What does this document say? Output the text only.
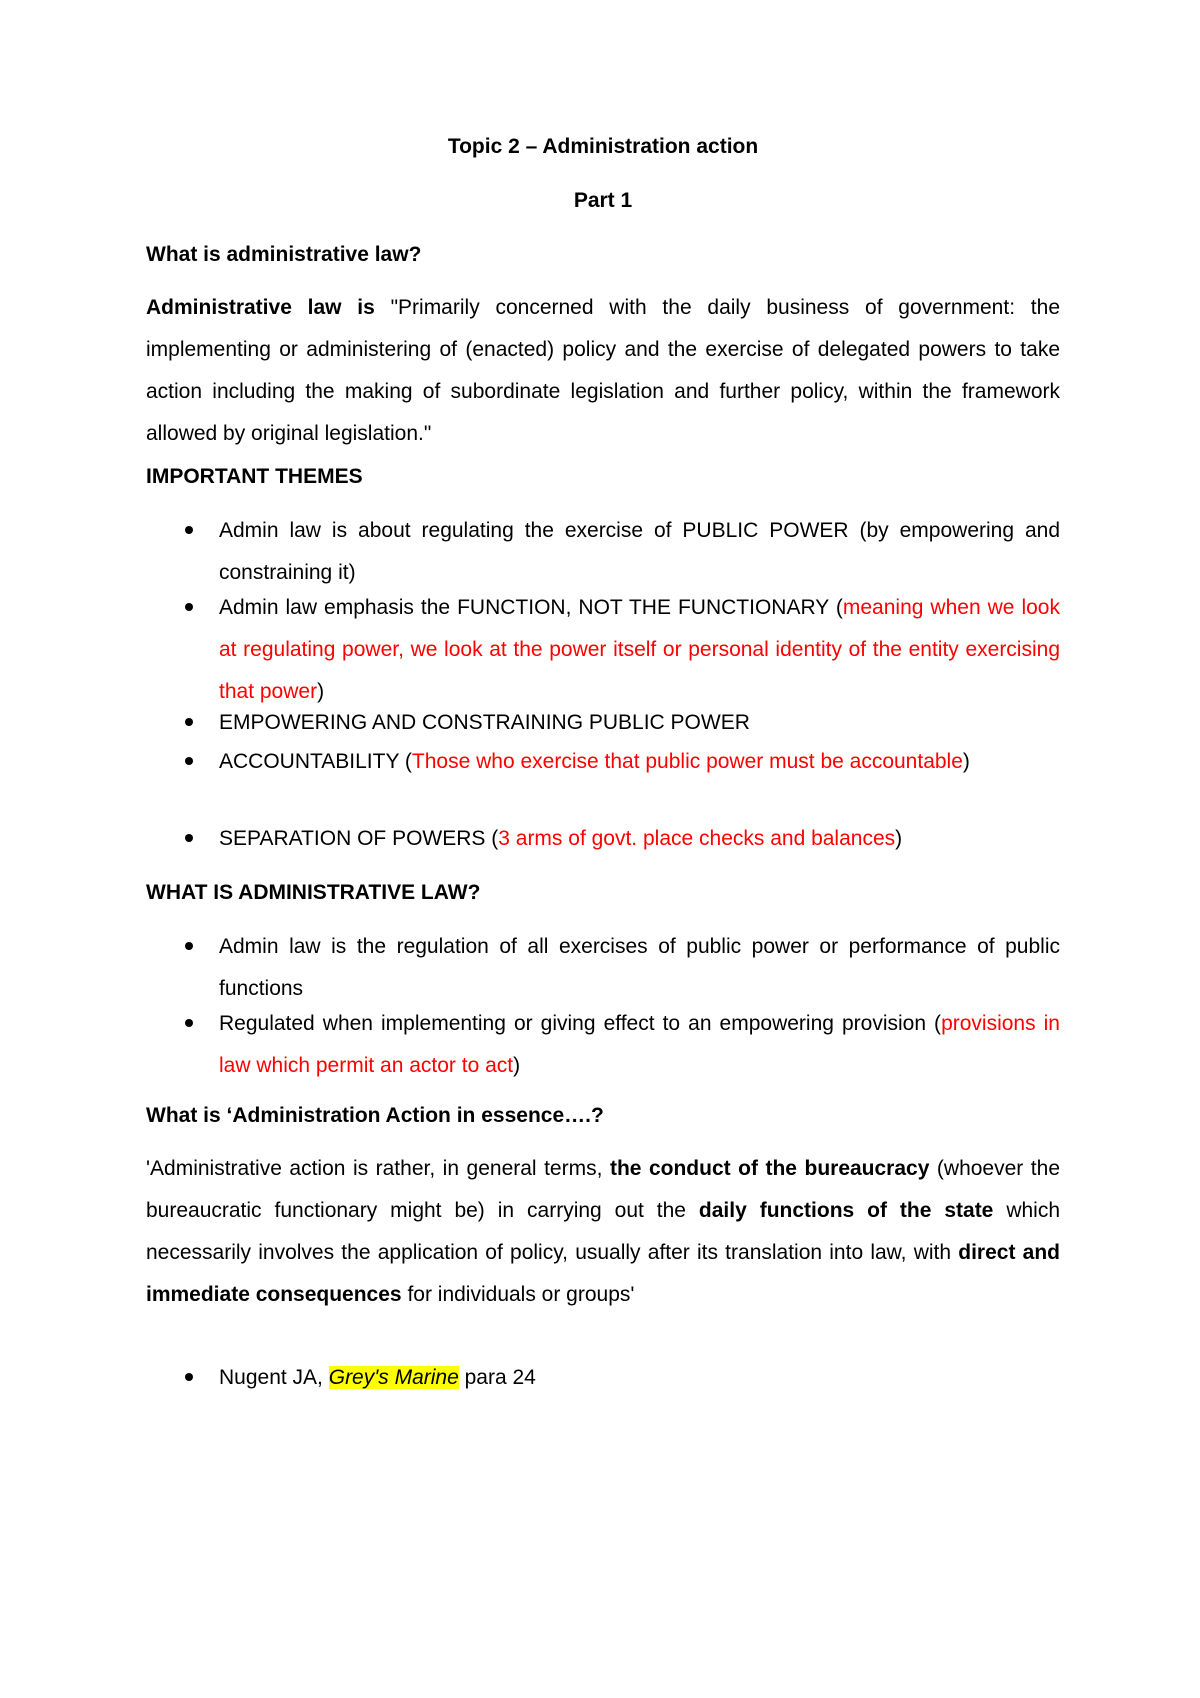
Topic 2 – Administration action
Part 1
What is administrative law?
Administrative law is "Primarily concerned with the daily business of government: the implementing or administering of (enacted) policy and the exercise of delegated powers to take action including the making of subordinate legislation and further policy, within the framework allowed by original legislation."
IMPORTANT THEMES
Admin law is about regulating the exercise of PUBLIC POWER (by empowering and constraining it)
Admin law emphasis the FUNCTION, NOT THE FUNCTIONARY (meaning when we look at regulating power, we look at the power itself or personal identity of the entity exercising that power)
EMPOWERING AND CONSTRAINING PUBLIC POWER
ACCOUNTABILITY (Those who exercise that public power must be accountable)
SEPARATION OF POWERS (3 arms of govt. place checks and balances)
WHAT IS ADMINISTRATIVE LAW?
Admin law is the regulation of all exercises of public power or performance of public functions
Regulated when implementing or giving effect to an empowering provision (provisions in law which permit an actor to act)
What is ‘Administration Action in essence….?
'Administrative action is rather, in general terms, the conduct of the bureaucracy (whoever the bureaucratic functionary might be) in carrying out the daily functions of the state which necessarily involves the application of policy, usually after its translation into law, with direct and immediate consequences for individuals or groups'
Nugent JA, Grey's Marine para 24
